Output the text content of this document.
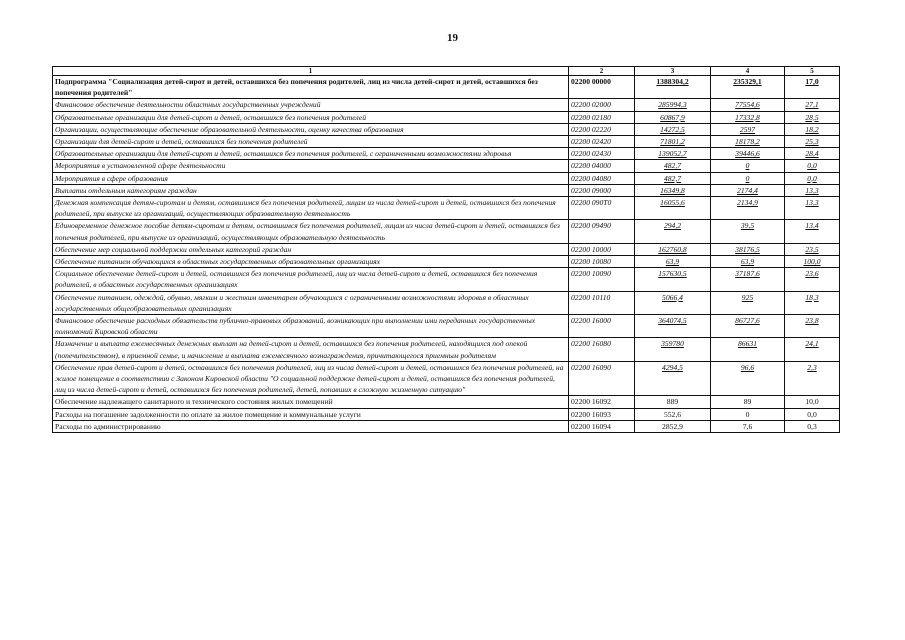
19
1	2	3	4	5
Подпрограмма "Социализация детей-сирот и детей, оставшихся без попечения родителей, лиц из числа детей-сирот и детей, оставшихся без попечения родителей"	02200 00000	1388304,2	235329,1	17,0
Финансовое обеспечение деятельности областных государственных учреждений	02200 02000	285994,3	77554,6	27,1
Образовательные организации для детей-сирот и детей, оставшихся без попечения родителей	02200 02180	60867,9	17332,8	28,5
Организации, осуществляющие обеспечение образовательной деятельности, оценку качества образования	02200 02220	14272,5	2597	18,2
Организации для детей-сирот и детей, оставшихся без попечения родителей	02200 02420	71801,2	18178,2	25,3
Образовательные организации для детей-сирот и детей, оставшихся без попечения родителей, с ограниченными возможностями здоровья	02200 02430	139052,7	39446,6	28,4
Мероприятия в установленной сфере деятельности	02200 04000	482,7	0	0,0
Мероприятия в сфере образования	02200 04080	482,7	0	0,0
Выплаты отдельным категориям граждан	02200 09000	16349,8	2174,4	13,3
Денежная компенсация детям-сиротам и детям, оставшимся без попечения родителей, лицам из числа детей-сирот и детей, оставшихся без попечения родителей, при выпуске из организаций, осуществляющих образовательную деятельность	02200 090T0	16055,6	2134,9	13,3
Единовременное денежное пособие детям-сиротам и детям, оставшимся без попечения родителей, лицам из числа детей-сирот и детей, оставшихся без попечения родителей, при выпуске из организаций, осуществляющих образовательную деятельность	02200 09490	294,2	39,5	13,4
Обеспечение мер социальной поддержки отдельных категорий граждан	02200 10000	162760,8	38176,5	23,5
Обеспечение питанием обучающихся в областных государственных образовательных организациях	02200 10080	63,9	63,9	100,0
Социальное обеспечение детей-сирот и детей, оставшихся без попечения родителей, лиц из числа детей-сирот и детей, оставшихся без попечения родителей, в областных государственных организациях	02200 10090	157630,5	37187,6	23,6
Обеспечение питанием, одеждой, обувью, мягким и жестким инвентарем обучающихся с ограниченными возможностями здоровья в областных государственных общеобразовательных организациях	02200 10110	5066,4	925	18,3
Финансовое обеспечение расходных обязательств публично-правовых образований, возникающих при выполнении ими переданных государственных полномочий Кировской области	02200 16000	364074,5	86727,6	23,8
Назначение и выплата ежемесячных денежных выплат на детей-сирот и детей, оставшихся без попечения родителей, находящихся под опекой (попечительством), в приемной семье, и начисление и выплата ежемесячного вознаграждения, причитающегося приемным родителям	02200 16080	359780	86631	24,1
Обеспечение прав детей-сирот и детей, оставшихся без попечения родителей, лиц из числа детей-сирот и детей, оставшихся без попечения родителей, на жилое помещение в соответствии с Законом Кировской области "О социальной поддержке детей-сирот и детей, оставшихся без попечения родителей, лиц из числа детей-сирот и детей, оставшихся без попечения родителей, детей, попавших в сложную жизненную ситуацию"	02200 16090	4294,5	96,6	2,3
Обеспечение надлежащего санитарного и технического состояния жилых помещений	02200 16092	889	89	10,0
Расходы на погашение задолженности по оплате за жилое помещение и коммунальные услуги	02200 16093	552,6	0	0,0
Расходы по администрированию	02200 16094	2852,9	7,6	0,3
